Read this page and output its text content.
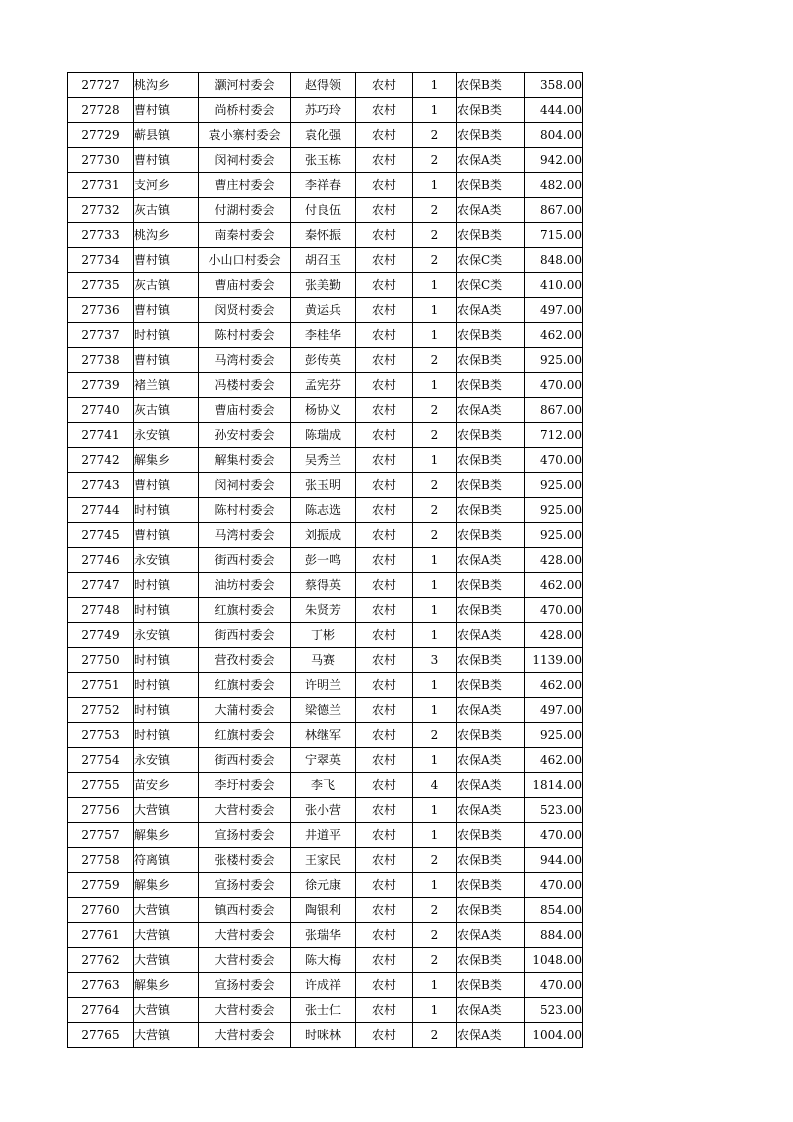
27727	桃沟乡	灏河村委会	赵得领	农村	1	农保B类	358.00
27728	曹村镇	尚桥村委会	苏巧玲	农村	1	农保B类	444.00
27729	蕲县镇	袁小寨村委会	袁化强	农村	2	农保B类	804.00
27730	曹村镇	闵祠村委会	张玉栋	农村	2	农保A类	942.00
27731	支河乡	曹庄村委会	李祥春	农村	1	农保B类	482.00
27732	灰古镇	付湖村委会	付良伍	农村	2	农保A类	867.00
27733	桃沟乡	南秦村委会	秦怀振	农村	2	农保B类	715.00
27734	曹村镇	小山口村委会	胡召玉	农村	2	农保C类	848.00
27735	灰古镇	曹庙村委会	张美勤	农村	1	农保C类	410.00
27736	曹村镇	闵贤村委会	黄运兵	农村	1	农保A类	497.00
27737	时村镇	陈村村委会	李桂华	农村	1	农保B类	462.00
27738	曹村镇	马湾村委会	彭传英	农村	2	农保B类	925.00
27739	褚兰镇	冯楼村委会	孟宪芬	农村	1	农保B类	470.00
27740	灰古镇	曹庙村委会	杨协义	农村	2	农保A类	867.00
27741	永安镇	孙安村委会	陈瑞成	农村	2	农保B类	712.00
27742	解集乡	解集村委会	吴秀兰	农村	1	农保B类	470.00
27743	曹村镇	闵祠村委会	张玉明	农村	2	农保B类	925.00
27744	时村镇	陈村村委会	陈志选	农村	2	农保B类	925.00
27745	曹村镇	马湾村委会	刘振成	农村	2	农保B类	925.00
27746	永安镇	街西村委会	彭一鸣	农村	1	农保A类	428.00
27747	时村镇	油坊村委会	蔡得英	农村	1	农保B类	462.00
27748	时村镇	红旗村委会	朱贤芳	农村	1	农保B类	470.00
27749	永安镇	街西村委会	丁彬	农村	1	农保A类	428.00
27750	时村镇	营孜村委会	马赛	农村	3	农保B类	1139.00
27751	时村镇	红旗村委会	许明兰	农村	1	农保B类	462.00
27752	时村镇	大蒲村委会	梁德兰	农村	1	农保A类	497.00
27753	时村镇	红旗村委会	林继军	农村	2	农保B类	925.00
27754	永安镇	街西村委会	宁翠英	农村	1	农保A类	462.00
27755	苗安乡	李圩村委会	李飞	农村	4	农保A类	1814.00
27756	大营镇	大营村委会	张小营	农村	1	农保A类	523.00
27757	解集乡	宣扬村委会	井道平	农村	1	农保B类	470.00
27758	符离镇	张楼村委会	王家民	农村	2	农保B类	944.00
27759	解集乡	宣扬村委会	徐元康	农村	1	农保B类	470.00
27760	大营镇	镇西村委会	陶银利	农村	2	农保B类	854.00
27761	大营镇	大营村委会	张瑞华	农村	2	农保A类	884.00
27762	大营镇	大营村委会	陈大梅	农村	2	农保B类	1048.00
27763	解集乡	宣扬村委会	许成祥	农村	1	农保B类	470.00
27764	大营镇	大营村委会	张士仁	农村	1	农保A类	523.00
27765	大营镇	大营村委会	时咪林	农村	2	农保A类	1004.00
